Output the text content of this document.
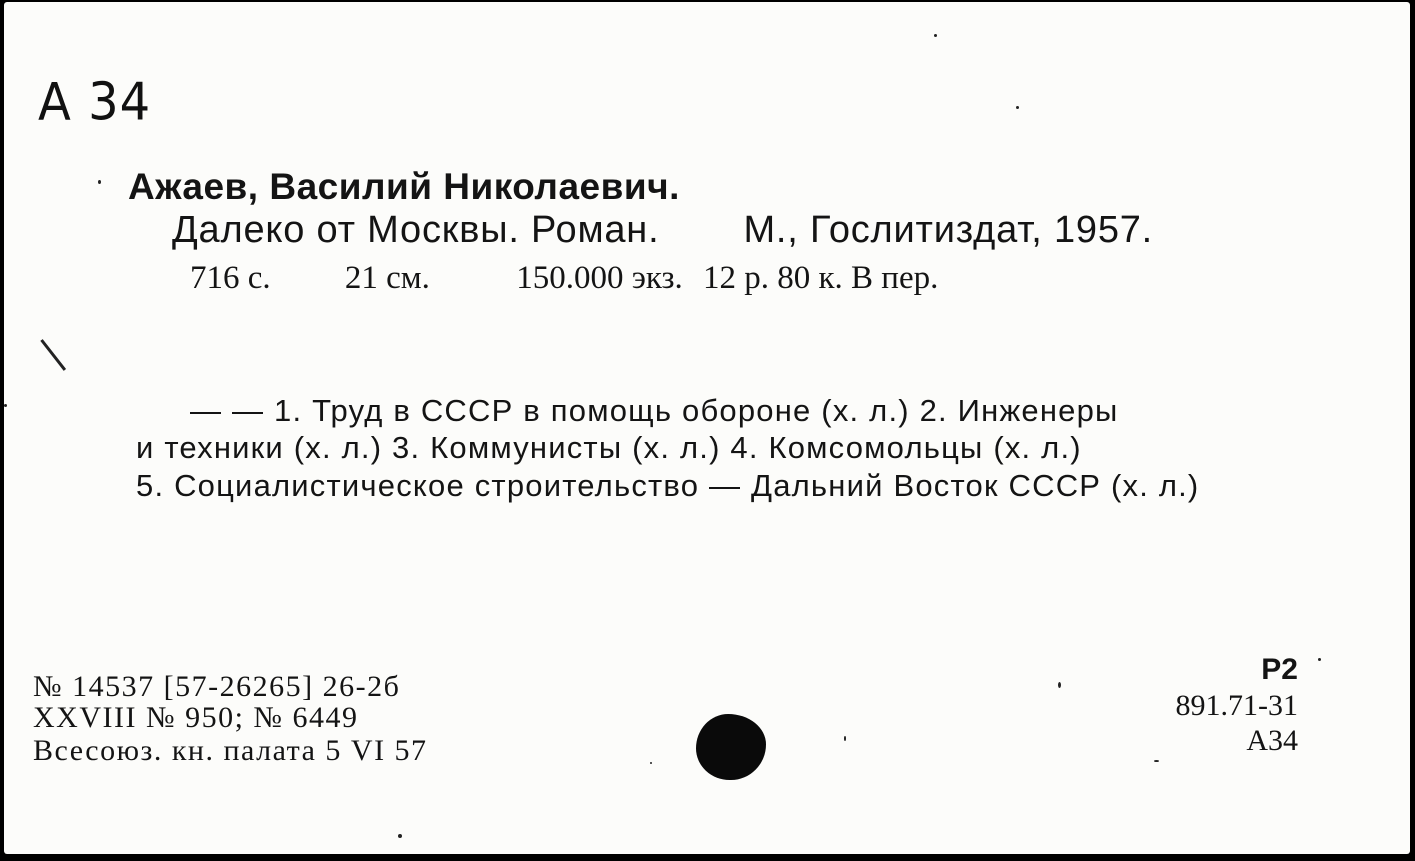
А 34
Ажаев, Василий Николаевич.
Далеко от Москвы. Роман. М., Гослитиздат, 1957.
716 с. 21 см.	150.000 экз. 12 р. 80 к. В пер.
— — 1. Труд в СССР в помощь обороне (х. л.) 2. Инженеры
и техники (х. л.) 3. Коммунисты (х. л.) 4. Комсомольцы (х. л.)
5. Социалистическое строительство — Дальний Восток СССР (х. л.)
№ 14537 [57-26265] 26-2б
XXVIII № 950; № 6449
Всесоюз. кн. палата 5 VI 57
Р2
891.71-31
А34
